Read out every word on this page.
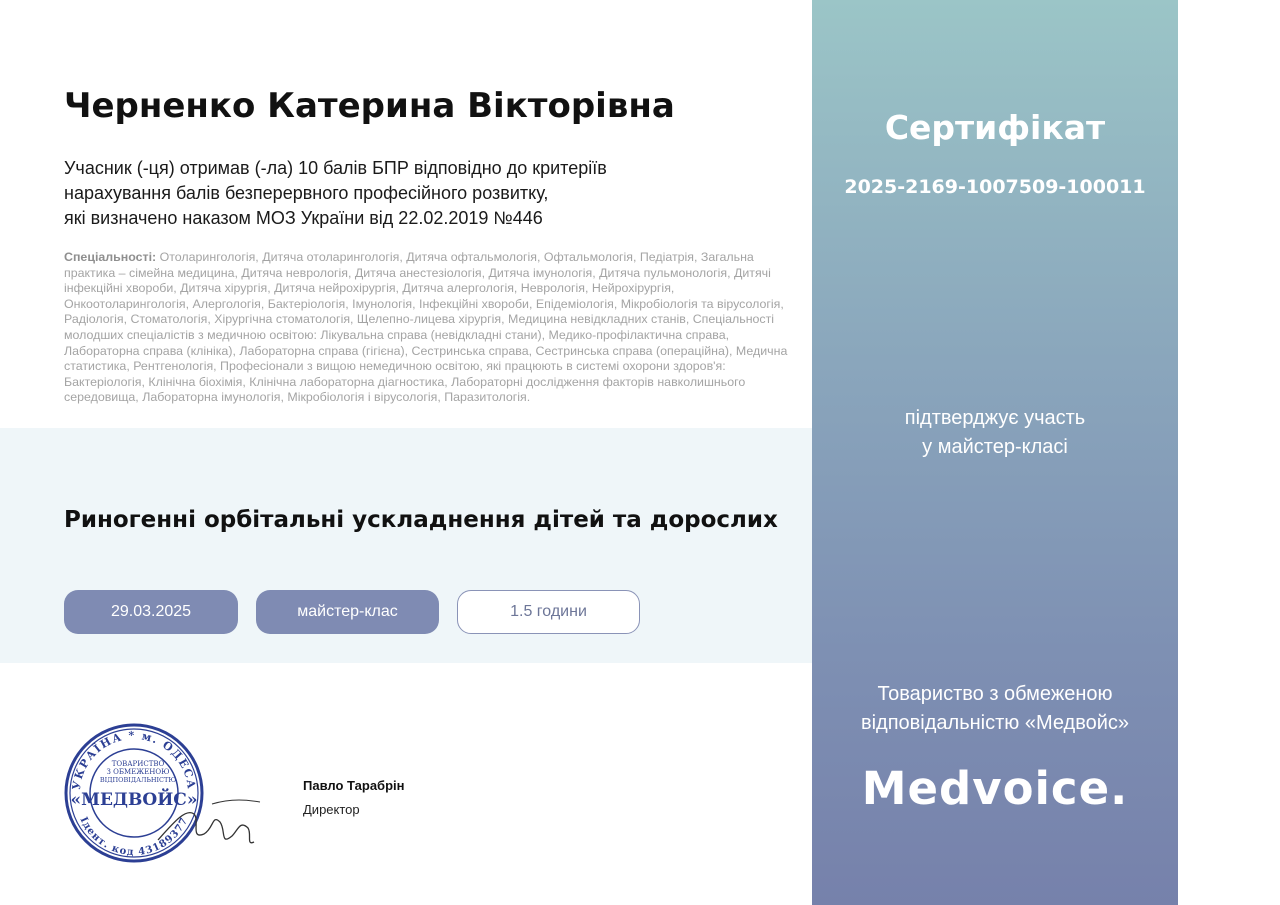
Черненко Катерина Вікторівна
Учасник (-ця) отримав (-ла) 10 балів БПР відповідно до критеріїв
нарахування балів безперервного професійного розвитку,
які визначено наказом МОЗ України від 22.02.2019 №446
Спеціальності: Отоларингологія, Дитяча отоларингологія, Дитяча офтальмологія, Офтальмологія, Педіатрія, Загальна практика – сімейна медицина, Дитяча неврологія, Дитяча анестезіологія, Дитяча імунологія, Дитяча пульмонологія, Дитячі інфекційні хвороби, Дитяча хірургія, Дитяча нейрохірургія, Дитяча алергологія, Неврологія, Нейрохірургія, Онкоотоларингологія, Алергологія, Бактеріологія, Імунологія, Інфекційні хвороби, Епідеміологія, Мікробіологія та вірусологія, Радіологія, Стоматологія, Хірургічна стоматологія, Щелепно-лицева хірургія, Медицина невідкладних станів, Спеціальності молодших спеціалістів з медичною освітою: Лікувальна справа (невідкладні стани), Медико-профілактична справа, Лабораторна справа (клініка), Лабораторна справа (гігієна), Сестринська справа, Сестринська справа (операційна), Медична статистика, Рентгенологія, Професіонали з вищою немедичною освітою, які працюють в системі охорони здоров'я: Бактеріологія, Клінічна біохімія, Клінічна лабораторна діагностика, Лабораторні дослідження факторів навколишнього середовища, Лабораторна імунологія, Мікробіологія і вірусологія, Паразитологія.
Риногенні орбітальні ускладнення дітей та дорослих
29.03.2025	майстер-клас	1.5 години
УКРАЇНА * м. ОДЕСА
Ідент. код 43189377
ТОВАРИСТВО
З ОБМЕЖЕНОЮ
ВІДПОВІДАЛЬНІСТЮ
«МЕДВОЙС»
Павло Тарабрін
Директор
Сертифікат
2025-2169-1007509-100011
підтверджує участь
у майстер-класі
Товариство з обмеженою
відповідальністю «Медвойс»
Medvoice.
